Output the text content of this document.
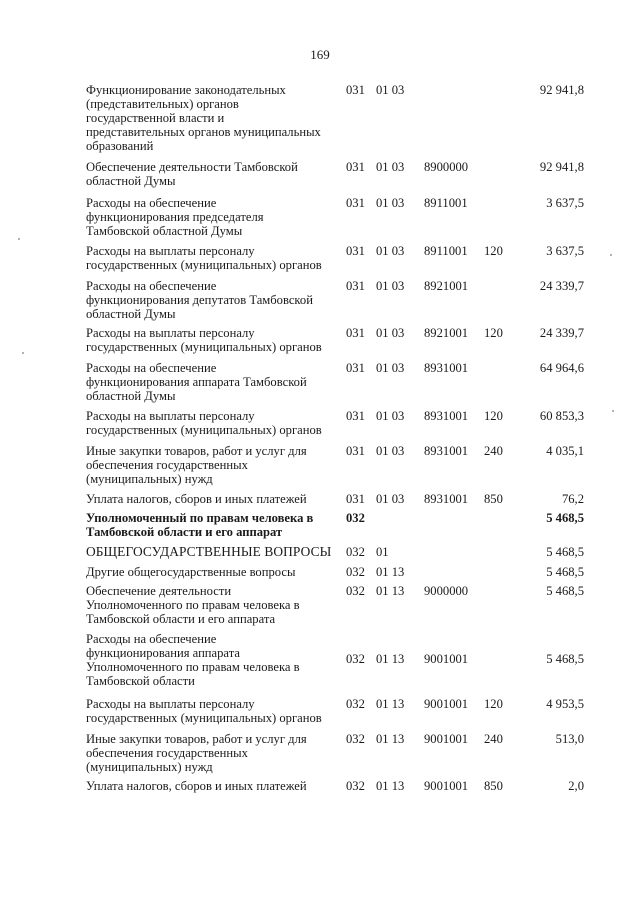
169
Функционирование законодательных
(представительных) органов
государственной власти и
представительных органов муниципальных
образований
031 01 03	92 941,8
Обеспечение деятельности Тамбовской
областной Думы
031 01 03 8900000	92 941,8
Расходы на обеспечение
функционирования председателя
Тамбовской областной Думы
031 01 03 8911001	3 637,5
Расходы на выплаты персоналу
государственных (муниципальных) органов
031 01 03 8911001 120	3 637,5
Расходы на обеспечение
функционирования депутатов Тамбовской
областной Думы
031 01 03 8921001	24 339,7
Расходы на выплаты персоналу
государственных (муниципальных) органов
031 01 03 8921001 120	24 339,7
Расходы на обеспечение
функционирования аппарата Тамбовской
областной Думы
031 01 03 8931001	64 964,6
Расходы на выплаты персоналу
государственных (муниципальных) органов
031 01 03 8931001 120	60 853,3
Иные закупки товаров, работ и услуг для
обеспечения государственных
(муниципальных) нужд
031 01 03 8931001 240	4 035,1
Уплата налогов, сборов и иных платежей	031 01 03 8931001 850	76,2
Уполномоченный по правам человека в
Тамбовской области и его аппарат
032	5 468,5
ОБЩЕГОСУДАРСТВЕННЫЕ ВОПРОСЫ	032 01	5 468,5
Другие общегосударственные вопросы	032 01 13	5 468,5
Обеспечение деятельности
Уполномоченного по правам человека в
Тамбовской области и его аппарата
032 01 13 9000000	5 468,5
Расходы на обеспечение
функционирования аппарата
Уполномоченного по правам человека в
Тамбовской области
032 01 13 9001001	5 468,5
Расходы на выплаты персоналу
государственных (муниципальных) органов
032 01 13 9001001 120	4 953,5
Иные закупки товаров, работ и услуг для
обеспечения государственных
(муниципальных) нужд
032 01 13 9001001 240	513,0
Уплата налогов, сборов и иных платежей	032 01 13 9001001 850	2,0
